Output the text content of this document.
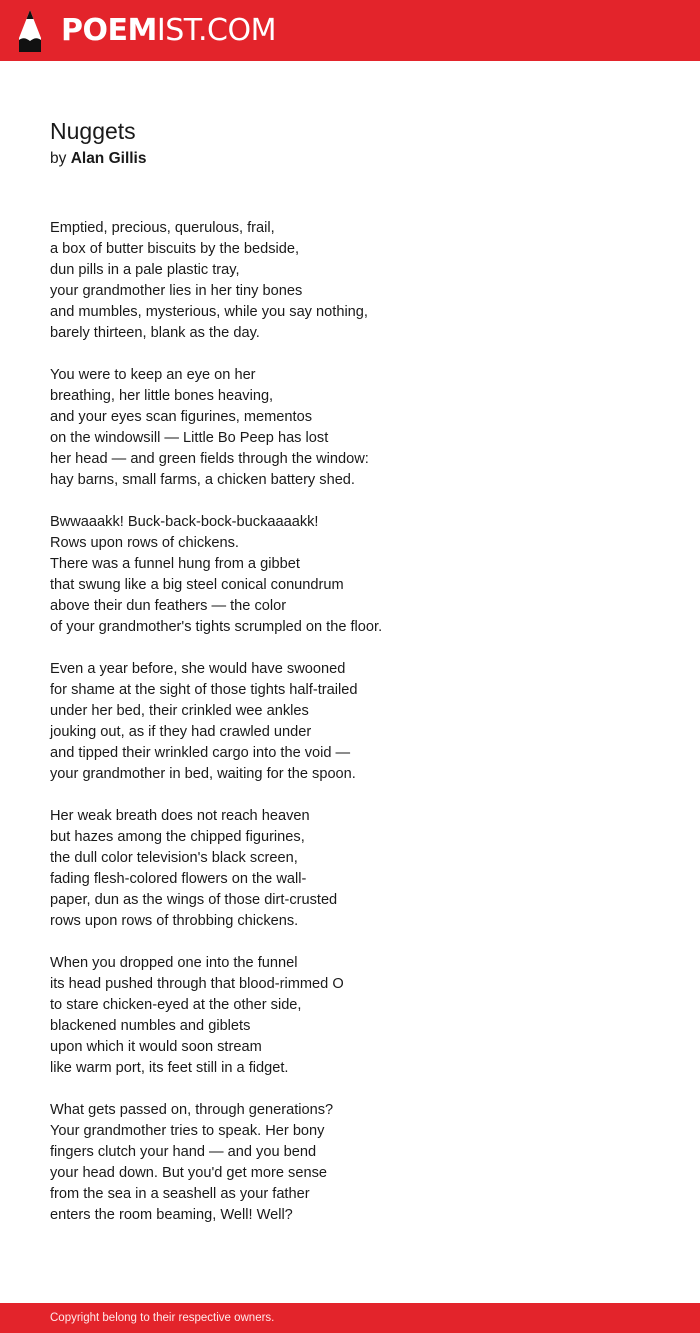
POEMIST.COM
Nuggets
by Alan Gillis
Emptied, precious, querulous, frail,
a box of butter biscuits by the bedside,
dun pills in a pale plastic tray,
your grandmother lies in her tiny bones
and mumbles, mysterious, while you say nothing,
barely thirteen, blank as the day.
You were to keep an eye on her
breathing, her little bones heaving,
and your eyes scan figurines, mementos
on the windowsill — Little Bo Peep has lost
her head — and green fields through the window:
hay barns, small farms, a chicken battery shed.
Bwwaaakk! Buck-back-bock-buckaaaakk!
Rows upon rows of chickens.
There was a funnel hung from a gibbet
that swung like a big steel conical conundrum
above their dun feathers — the color
of your grandmother's tights scrumpled on the floor.
Even a year before, she would have swooned
for shame at the sight of those tights half-trailed
under her bed, their crinkled wee ankles
jouking out, as if they had crawled under
and tipped their wrinkled cargo into the void —
your grandmother in bed, waiting for the spoon.
Her weak breath does not reach heaven
but hazes among the chipped figurines,
the dull color television's black screen,
fading flesh-colored flowers on the wall-
paper, dun as the wings of those dirt-crusted
rows upon rows of throbbing chickens.
When you dropped one into the funnel
its head pushed through that blood-rimmed O
to stare chicken-eyed at the other side,
blackened numbles and giblets
upon which it would soon stream
like warm port, its feet still in a fidget.
What gets passed on, through generations?
Your grandmother tries to speak. Her bony
fingers clutch your hand — and you bend
your head down. But you'd get more sense
from the sea in a seashell as your father
enters the room beaming, Well! Well?
Copyright belong to their respective owners.
